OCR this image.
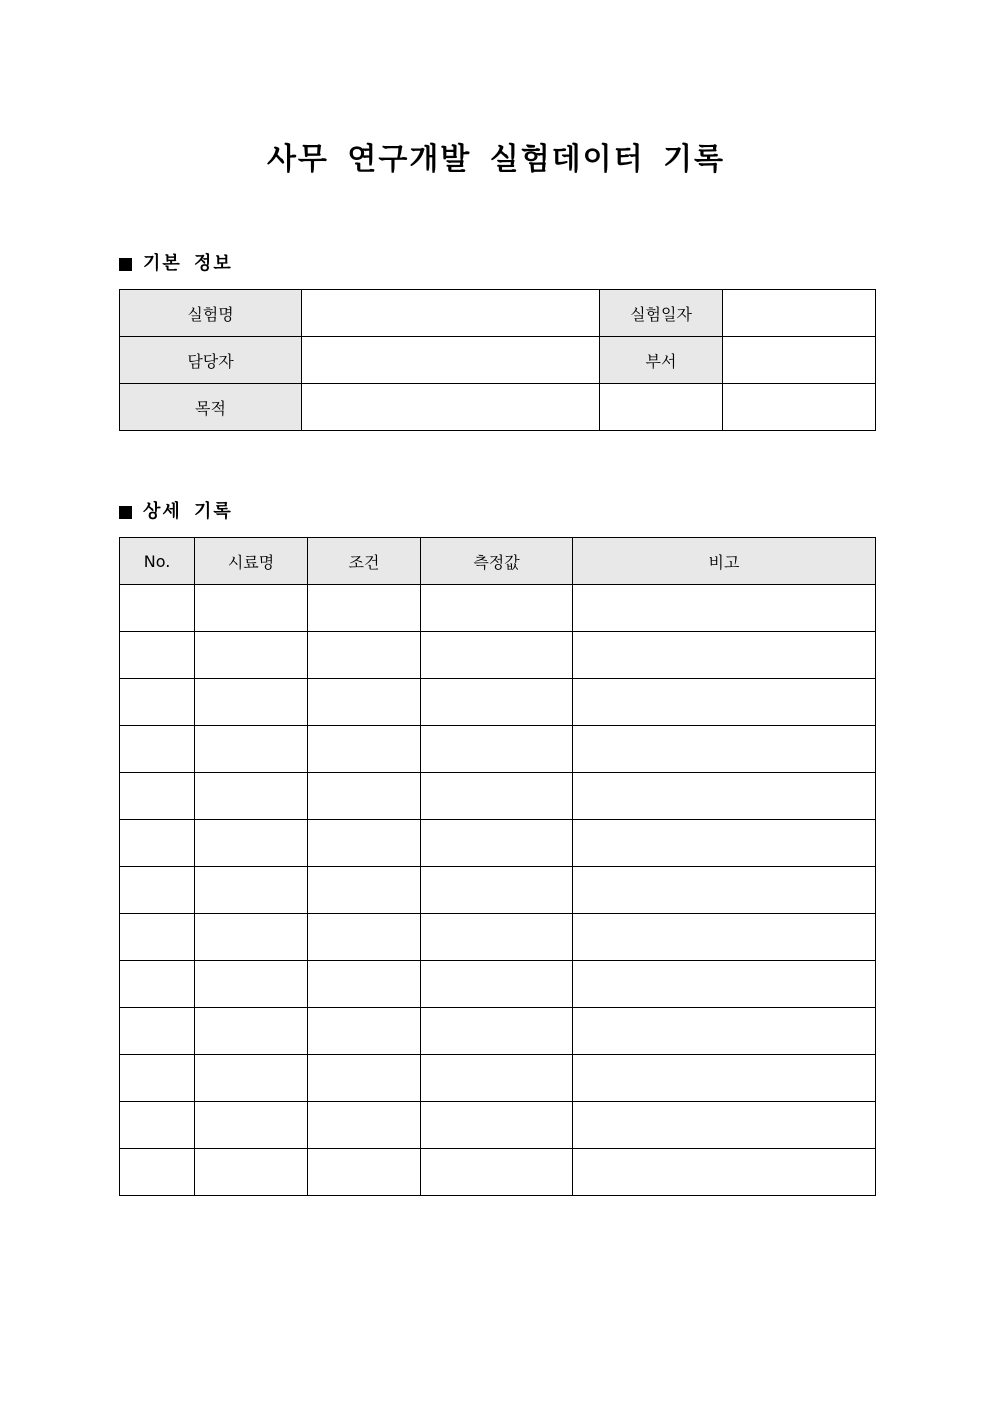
사무 연구개발 실험데이터 기록
기본 정보
실험명		실험일자	
담당자		부서	
목적			
상세 기록
No.	시료명	조건	측정값	비고
